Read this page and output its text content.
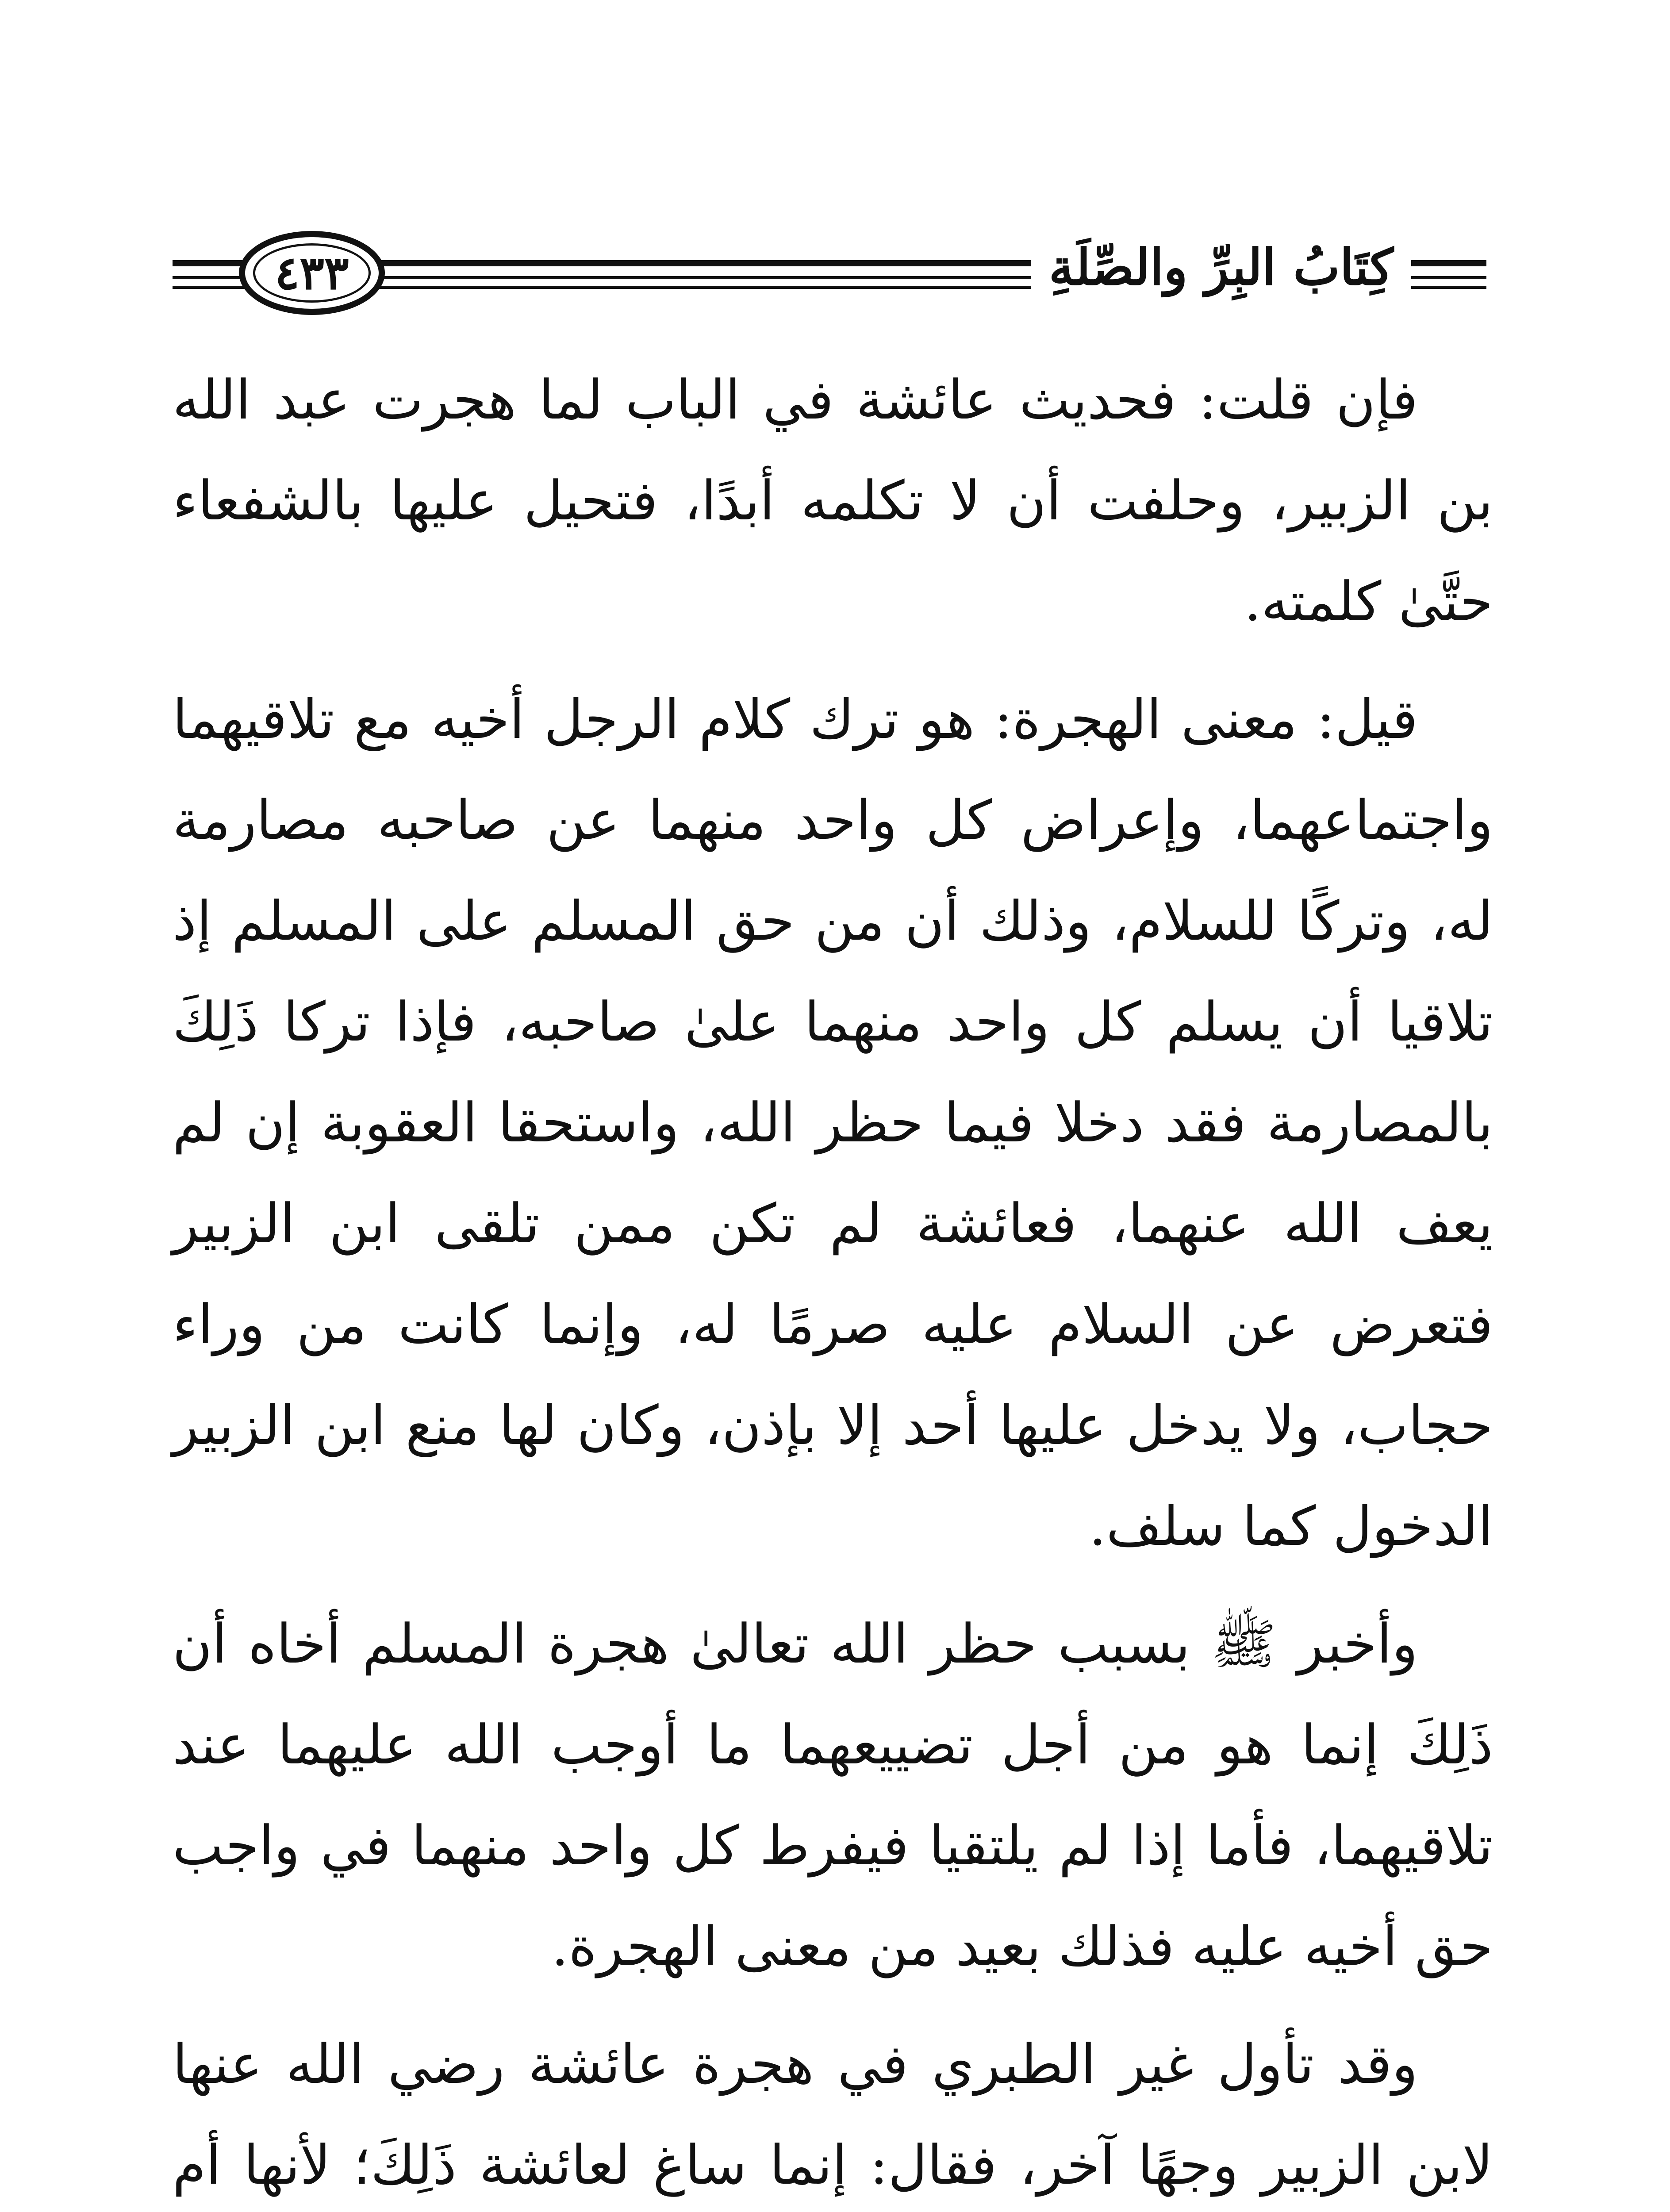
كِتَابُ البِرِّ والصِّلَةِ
٤٣٣

فإن قلت: فحديث عائشة في الباب لما هجرت عبد الله بن الزبير، وحلفت أن لا تكلمه أبدًا، فتحيل عليها بالشفعاء حتَّىٰ كلمته.

قيل: معنى الهجرة: هو ترك كلام الرجل أخيه مع تلاقيهما واجتماعهما، وإعراض كل واحد منهما عن صاحبه مصارمة له، وتركًا للسلام، وذلك أن من حق المسلم على المسلم إذ تلاقيا أن يسلم كل واحد منهما علىٰ صاحبه، فإذا تركا ذَلِكَ بالمصارمة فقد دخلا فيما حظر الله، واستحقا العقوبة إن لم يعف الله عنهما، فعائشة لم تكن ممن تلقى ابن الزبير فتعرض عن السلام عليه صرمًا له، وإنما كانت من وراء حجاب، ولا يدخل عليها أحد إلا بإذن، وكان لها منع ابن الزبير الدخول كما سلف.

وأخبر ﷺ بسبب حظر الله تعالىٰ هجرة المسلم أخاه أن ذَلِكَ إنما هو من أجل تضييعهما ما أوجب الله عليهما عند تلاقيهما، فأما إذا لم يلتقيا فيفرط كل واحد منهما في واجب حق أخيه عليه فذلك بعيد من معنى الهجرة.

وقد تأول غير الطبري في هجرة عائشة رضي الله عنها لابن الزبير وجهًا آخر، فقال: إنما ساغ لعائشة ذَلِكَ؛ لأنها أم
